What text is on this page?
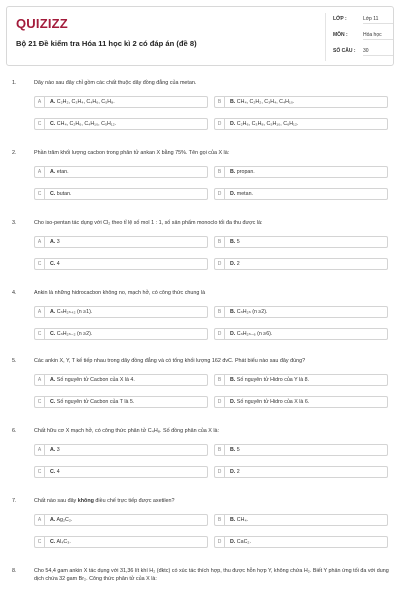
QUIZIZZ
Bộ 21 Đề kiểm tra Hóa 11 học kì 2 có đáp án (đề 8)
LỚP :	Lớp 11
MÔN :	Hóa học
SỐ CÂU : 30
1.	Dãy nào sau đây chỉ gồm các chất thuộc dãy đồng đẳng của metan.
A	A. C₂H₂, C₃H₄, C₄H₆, C₅H₈.	B	B. CH₄, C₂H₂, C₃H₄, C₄H₁₀.
C	C. CH₄, C₂H₆, C₄H₁₀, C₅H₁₂.	D	D. C₂H₆, C₃H₈, C₅H₁₀, C₆H₁₂.
2.	Phần trăm khối lượng cacbon trong phân tử ankan X bằng 75%. Tên gọi của X là:
A	A. etan.	B	B. propan.
C	C. butan.	D	D. metan.
3.	Cho iso-pentan tác dụng với Cl₂ theo tỉ lệ số mol 1 : 1, số sản phẩm monoclo tối đa thu được là:
A	A. 3	B	B. 5
C	C. 4	D	D. 2
4.	Ankin là những hidrocacbon không no, mạch hở, có công thức chung là
A	A. CₙH₂ₙ₊₂ (n ≥1).	B	B. CₙH₂ₙ (n ≥2).
C	C. CₙH₂ₙ₋₂ (n ≥2).	D	D. CₙH₂ₙ₋₆ (n ≥6).
5.	Các ankin X, Y, T kế tiếp nhau trong dãy đồng đẳng và có tổng khối lượng 162 đvC. Phát biểu nào sau đây đúng?
A	A. Số nguyên tử Cacbon của X là 4.	B	B. Số nguyên tử Hidro của Y là 8.
C	C. Số nguyên tử Cacbon của T là 5.	D	D. Số nguyên tử Hidro của X là 6.
6.	Chất hữu cơ X mạch hở, có công thức phân tử C₄H₈. Số đồng phân của X là:
A	A. 3	B	B. 5
C	C. 4	D	D. 2
7.	Chất nào sau đây không điều chế trực tiếp được axetilen?
A	A. Ag₂C₂.	B	B. CH₄.
C	C. Al₄C₃.	D	D. CaC₂.
8.	Cho 54,4 gam ankin X tác dụng với 31,36 lít khí H₂ (đktc) có xúc tác thích hợp, thu được hỗn hợp Y, không chứa H₂. Biết Y phản ứng tối đa với dung dịch chứa 32 gam Br₂. Công thức phân tử của X là:
